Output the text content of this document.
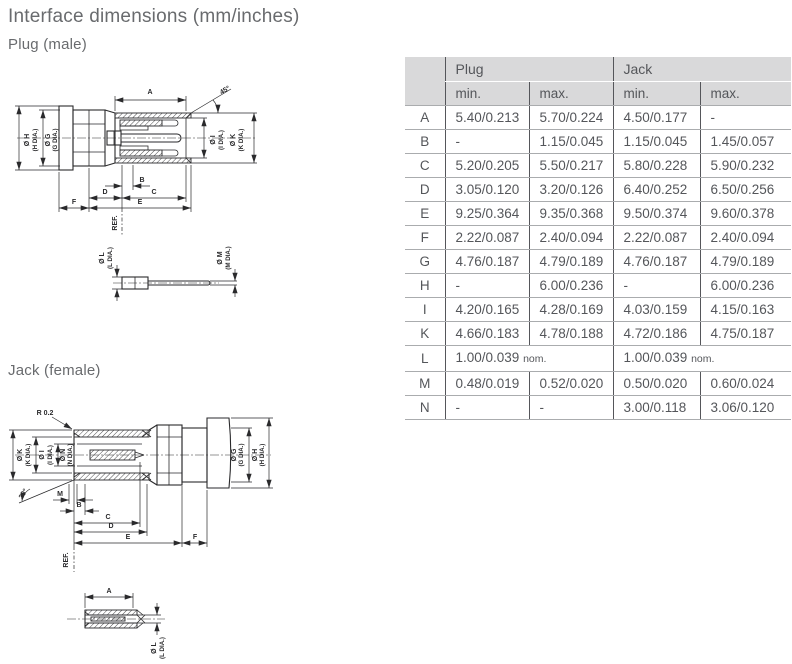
Interface dimensions (mm/inches)
Plug (male)
Jack (female)
A	45°
Ø H (H DIA.) Ø G (G DIA.)	Ø I (I DIA.) Ø K (K DIA.)
B
D	C
F	E
REF.
Ø L (L DIA.)	Ø M (M DIA.)
Ø K (K DIA.) Ø I (I DIA.) Ø N (N DIA.)
R 0.2
30°
Ø G (G DIA.) Ø H (H DIA.)
M
B
C
D
E	F
REF.
A
Ø L (L DIA.)
	Plug		Jack	
	min.	max.	min.	max.
A	5.40/0.213	5.70/0.224	4.50/0.177	-
B	-	1.15/0.045	1.15/0.045	1.45/0.057
C	5.20/0.205	5.50/0.217	5.80/0.228	5.90/0.232
D	3.05/0.120	3.20/0.126	6.40/0.252	6.50/0.256
E	9.25/0.364	9.35/0.368	9.50/0.374	9.60/0.378
F	2.22/0.087	2.40/0.094	2.22/0.087	2.40/0.094
G	4.76/0.187	4.79/0.189	4.76/0.187	4.79/0.189
H	-	6.00/0.236	-	6.00/0.236
I	4.20/0.165	4.28/0.169	4.03/0.159	4.15/0.163
K	4.66/0.183	4.78/0.188	4.72/0.186	4.75/0.187
L	1.00/0.039 nom.		1.00/0.039 nom.	
M	0.48/0.019	0.52/0.020	0.50/0.020	0.60/0.024
N	-	-	3.00/0.118	3.06/0.120
